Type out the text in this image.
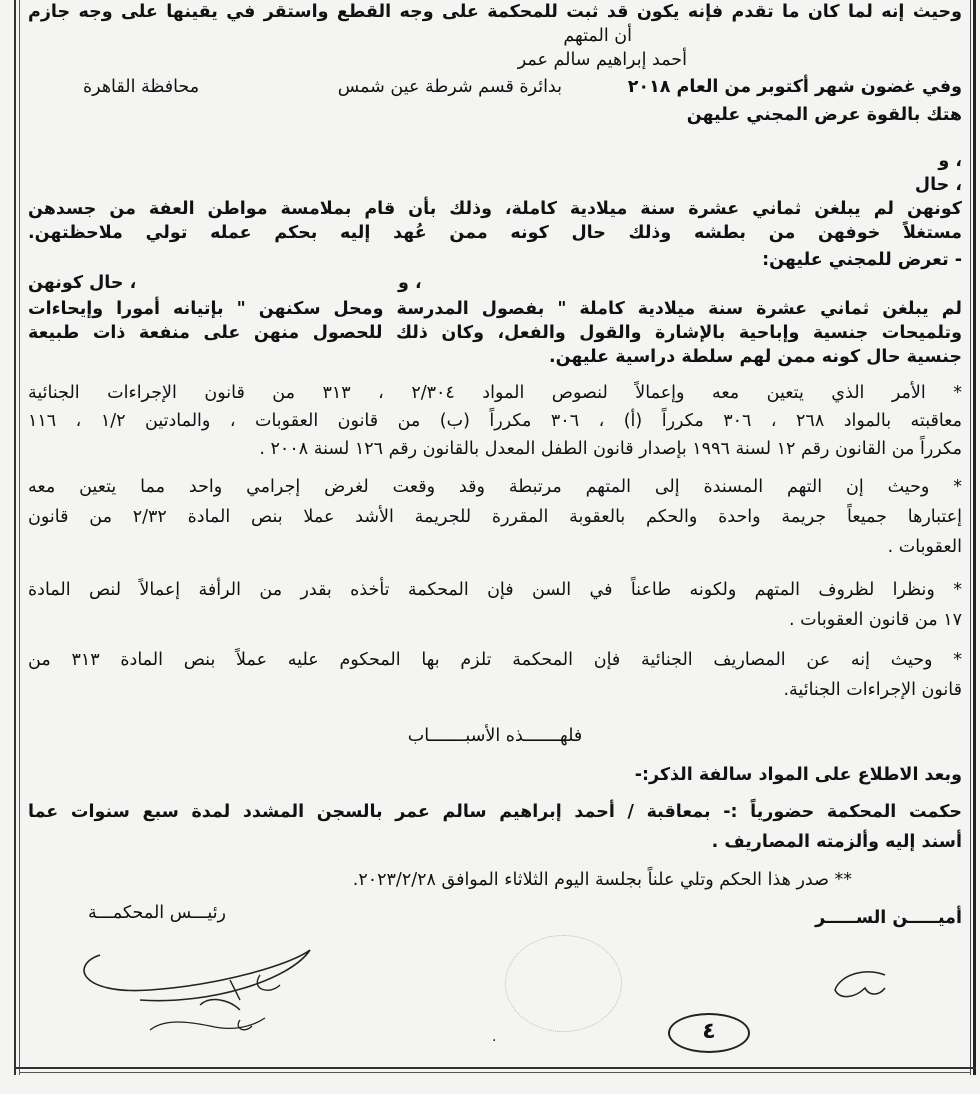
وحيث إنه لما كان ما تقدم فإنه يكون قد ثبت للمحكمة على وجه القطع واستقر في يقينها على وجه جازم
أن المتهم
أحمد إبراهيم سالم عمر
وفي غضون شهر أكتوبر من العام ٢٠١٨
بدائرة قسم شرطة عين شمس
محافظة القاهرة
هتك بالقوة عرض المجني عليهن
، و
، حال
كونهن لم يبلغن ثماني عشرة سنة ميلادية كاملة، وذلك بأن قام بملامسة مواطن العفة من جسدهن
مستغلاً خوفهن من بطشه وذلك حال كونه ممن عُهد إليه بحكم عمله تولي ملاحظتهن.
- تعرض للمجني عليهن:
، حال كونهن	، و
لم يبلغن ثماني عشرة سنة ميلادية كاملة " بفصول المدرسة ومحل سكنهن " بإتيانه أمورا وإيحاءات
وتلميحات جنسية وإباحية بالإشارة والقول والفعل، وكان ذلك للحصول منهن على منفعة ذات طبيعة
جنسية حال كونه ممن لهم سلطة دراسية عليهن.
* الأمر الذي يتعين معه وإعمالاً لنصوص المواد ٢/٣٠٤ ، ٣١٣ من قانون الإجراءات الجنائية
معاقبته بالمواد ٢٦٨ ، ٣٠٦ مكرراً (أ) ، ٣٠٦ مكرراً (ب) من قانون العقوبات ، والمادتين ١/٢ ، ١١٦
مكرراً من القانون رقم ١٢ لسنة ١٩٩٦ بإصدار قانون الطفل المعدل بالقانون رقم ١٢٦ لسنة ٢٠٠٨ .
* وحيث إن التهم المسندة إلى المتهم مرتبطة وقد وقعت لغرض إجرامي واحد مما يتعين معه
إعتبارها جميعاً جريمة واحدة والحكم بالعقوبة المقررة للجريمة الأشد عملا بنص المادة ٢/٣٢ من قانون
العقوبات .
* ونظرا لظروف المتهم ولكونه طاعناً في السن فإن المحكمة تأخذه بقدر من الرأفة إعمالاً لنص المادة
١٧ من قانون العقوبات .
* وحيث إنه عن المصاريف الجنائية فإن المحكمة تلزم بها المحكوم عليه عملاً بنص المادة ٣١٣ من
قانون الإجراءات الجنائية.
فلهـــــــذه الأسبـــــــاب
وبعد الاطلاع على المواد سالفة الذكر:-
حكمت المحكمة حضورياً :- بمعاقبة / أحمد إبراهيم سالم عمر بالسجن المشدد لمدة سبع سنوات عما
أسند إليه وألزمته المصاريف .
** صدر هذا الحكم وتلي علناً بجلسة اليوم الثلاثاء الموافق ٢٠٢٣/٢/٢٨.
أميـــــن الســـــر
رئيـــس المحكمـــة
٤
·
